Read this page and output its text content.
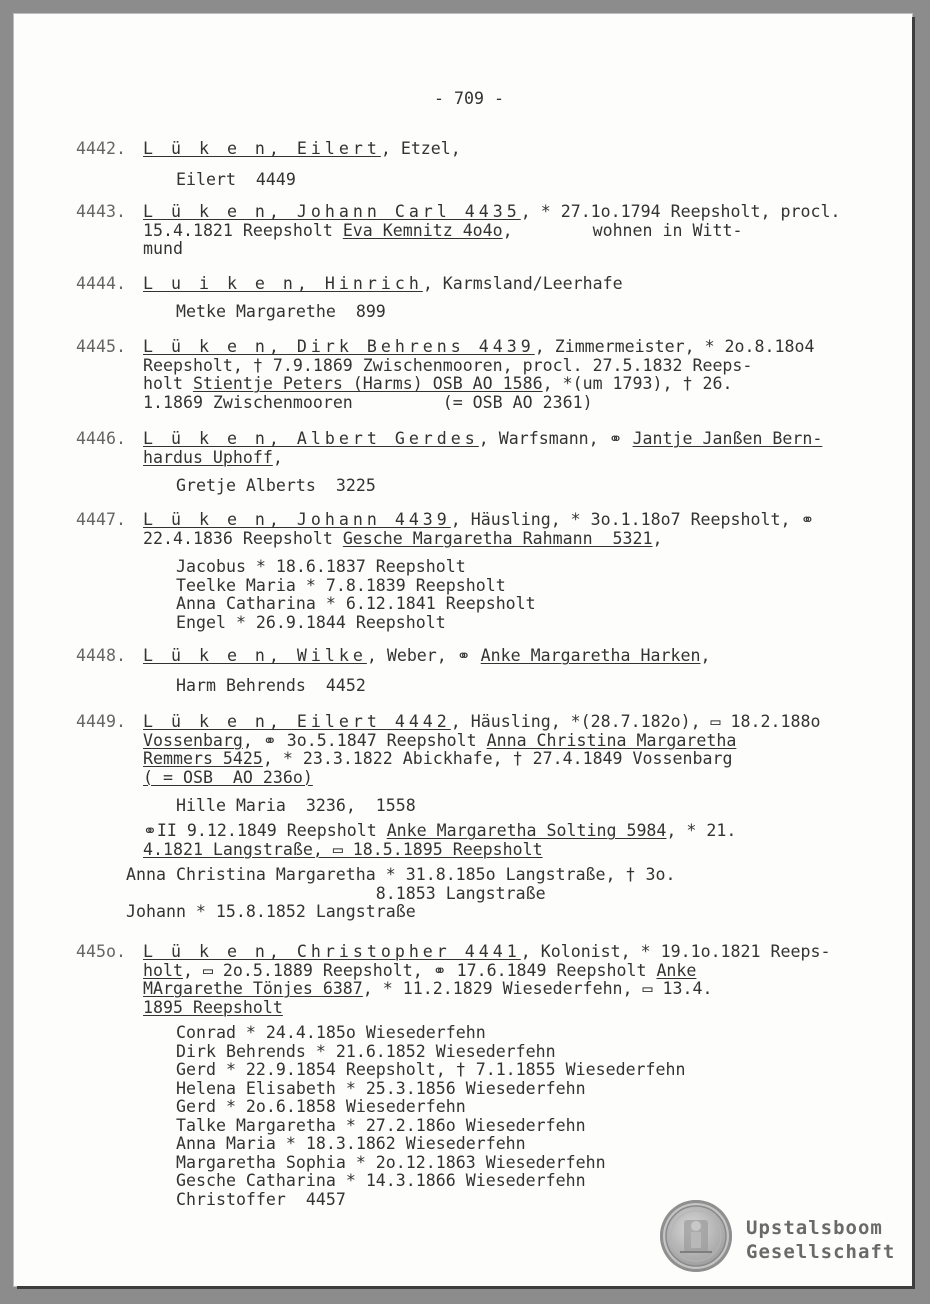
- 709 -
Upstalsboom
Gesellschaft
4442. L ü k e n, Eilert, Etzel,
Eilert  4449
4443. L ü k e n, Johann Carl 4435, * 27.1o.1794 Reepsholt, procl.
15.4.1821 Reepsholt Eva Kemnitz 4o4o,        wohnen in Witt-
mund
4444. L u i k e n, Hinrich, Karmsland/Leerhafe
Metke Margarethe  899
4445. L ü k e n, Dirk Behrens 4439, Zimmermeister, * 2o.8.18o4
Reepsholt, † 7.9.1869 Zwischenmooren, procl. 27.5.1832 Reeps-
holt Stientje Peters (Harms) OSB AO 1586, *(um 1793), † 26.
1.1869 Zwischenmooren         (= OSB AO 2361)
4446. L ü k e n, Albert Gerdes, Warfsmann, ⚭ Jantje Janßen Bern-
hardus Uphoff,
Gretje Alberts  3225
4447. L ü k e n, Johann 4439, Häusling, * 3o.1.18o7 Reepsholt, ⚭
22.4.1836 Reepsholt Gesche Margaretha Rahmann  5321,
Jacobus * 18.6.1837 Reepsholt
Teelke Maria * 7.8.1839 Reepsholt
Anna Catharina * 6.12.1841 Reepsholt
Engel * 26.9.1844 Reepsholt
4448. L ü k e n, Wilke, Weber, ⚭ Anke Margaretha Harken,
Harm Behrends  4452
4449. L ü k e n, Eilert 4442, Häusling, *(28.7.182o), ▭ 18.2.188o
Vossenbarg, ⚭ 3o.5.1847 Reepsholt Anna Christina Margaretha
Remmers 5425, * 23.3.1822 Abickhafe, † 27.4.1849 Vossenbarg
( = OSB  AO 236o)
Hille Maria  3236,  1558
⚭II 9.12.1849 Reepsholt Anke Margaretha Solting 5984, * 21.
4.1821 Langstraße, ▭ 18.5.1895 Reepsholt
Anna Christina Margaretha * 31.8.185o Langstraße, † 3o.
8.1853 Langstraße
Johann * 15.8.1852 Langstraße
445o. L ü k e n, Christopher 4441, Kolonist, * 19.1o.1821 Reeps-
holt, ▭ 2o.5.1889 Reepsholt, ⚭ 17.6.1849 Reepsholt Anke
MArgarethe Tönjes 6387, * 11.2.1829 Wiesederfehn, ▭ 13.4.
1895 Reepsholt
Conrad * 24.4.185o Wiesederfehn
Dirk Behrends * 21.6.1852 Wiesederfehn
Gerd * 22.9.1854 Reepsholt, † 7.1.1855 Wiesederfehn
Helena Elisabeth * 25.3.1856 Wiesederfehn
Gerd * 2o.6.1858 Wiesederfehn
Talke Margaretha * 27.2.186o Wiesederfehn
Anna Maria * 18.3.1862 Wiesederfehn
Margaretha Sophia * 2o.12.1863 Wiesederfehn
Gesche Catharina * 14.3.1866 Wiesederfehn
Christoffer  4457
